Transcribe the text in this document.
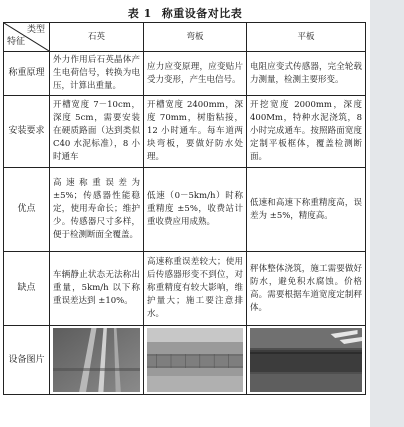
表 1 称重设备对比表
类型
特征	石英	弯板	平板
称重原理	外力作用后石英晶体产生电荷信号，转换为电压，计算出重量。	应力应变原理，应变贴片受力变形，产生电信号。	电阻应变式传感器，完全轮载力测量，检测主要形变。
安装要求	开槽宽度 7－10cm，深度 5cm，需要安装在硬质路面（达到类似 C40 水泥标准），8 小时通车	开槽宽度 2400mm，深度 70mm，树脂粘接，12 小时通车。每车道两块弯板，要做好防水处理。	开挖宽度 2000mm，深度 400Mm，特种水泥浇筑，8 小时完成通车。按照路面宽度定制平板框体，覆盖检测断面。
优点	高速称重误差为 ±5%；传感器性能稳定，使用寿命长；维护少。传感器尺寸多样，便于检测断面全覆盖。	低速（0－5km/h）时称重精度 ±5%，收费站计重收费应用成熟。	低速和高速下称重精度高，误差为 ±5%，精度高。
缺点	车辆静止状态无法称出重量，5km/h 以下称重误差达到 ±10%。	高速称重误差较大；使用后传感器形变不到位，对称重精度有较大影响，维护量大；施工要注意排水。	秤体整体浇筑，施工需要做好防水，避免积水腐蚀。价格高。需要根据车道宽度定制秤体。
设备图片	
